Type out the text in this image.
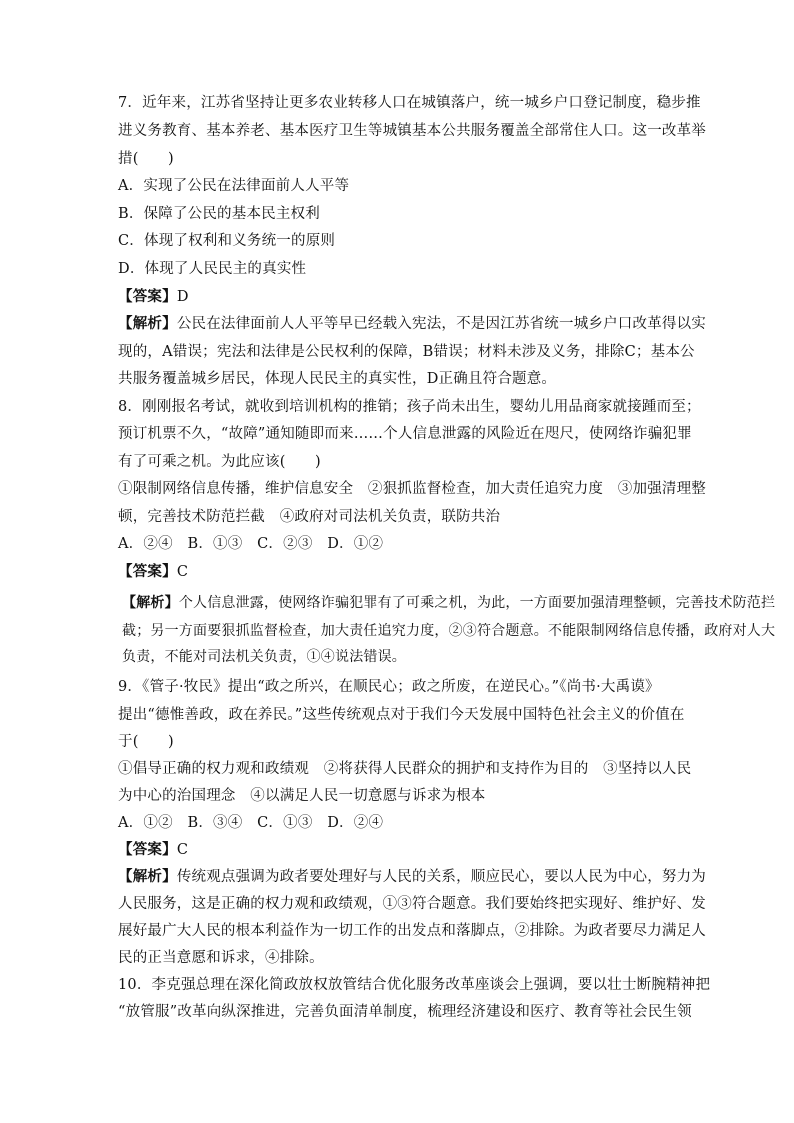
7．近年来，江苏省坚持让更多农业转移人口在城镇落户，统一城乡户口登记制度，稳步推
进义务教育、基本养老、基本医疗卫生等城镇基本公共服务覆盖全部常住人口。这一改革举
措(　　)
A．实现了公民在法律面前人人平等
B．保障了公民的基本民主权利
C．体现了权利和义务统一的原则
D．体现了人民民主的真实性
【答案】D
【解析】公民在法律面前人人平等早已经载入宪法，不是因江苏省统一城乡户口改革得以实
现的，A错误；宪法和法律是公民权利的保障，B错误；材料未涉及义务，排除C；基本公
共服务覆盖城乡居民，体现人民民主的真实性，D正确且符合题意。
8．刚刚报名考试，就收到培训机构的推销；孩子尚未出生，婴幼儿用品商家就接踵而至；
预订机票不久，“故障”通知随即而来……个人信息泄露的风险近在咫尺，使网络诈骗犯罪
有了可乘之机。为此应该(　　)
①限制网络信息传播，维护信息安全　②狠抓监督检查，加大责任追究力度　③加强清理整
顿，完善技术防范拦截　④政府对司法机关负责，联防共治
A．②④　B．①③　C．②③　D．①②
【答案】C
【解析】个人信息泄露，使网络诈骗犯罪有了可乘之机，为此，一方面要加强清理整顿，完善技术防范拦
截；另一方面要狠抓监督检查，加大责任追究力度，②③符合题意。不能限制网络信息传播，政府对人大
负责，不能对司法机关负责，①④说法错误。
9．《管子·牧民》提出“政之所兴，在顺民心；政之所废，在逆民心。”《尚书·大禹谟》
提出“德惟善政，政在养民。”这些传统观点对于我们今天发展中国特色社会主义的价值在
于(　　)
①倡导正确的权力观和政绩观　②将获得人民群众的拥护和支持作为目的　③坚持以人民
为中心的治国理念　④以满足人民一切意愿与诉求为根本
A．①②　B．③④　C．①③　D．②④
【答案】C
【解析】传统观点强调为政者要处理好与人民的关系，顺应民心，要以人民为中心，努力为
人民服务，这是正确的权力观和政绩观，①③符合题意。我们要始终把实现好、维护好、发
展好最广大人民的根本利益作为一切工作的出发点和落脚点，②排除。为政者要尽力满足人
民的正当意愿和诉求，④排除。
10．李克强总理在深化简政放权放管结合优化服务改革座谈会上强调，要以壮士断腕精神把
“放管服”改革向纵深推进，完善负面清单制度，梳理经济建设和医疗、教育等社会民生领
